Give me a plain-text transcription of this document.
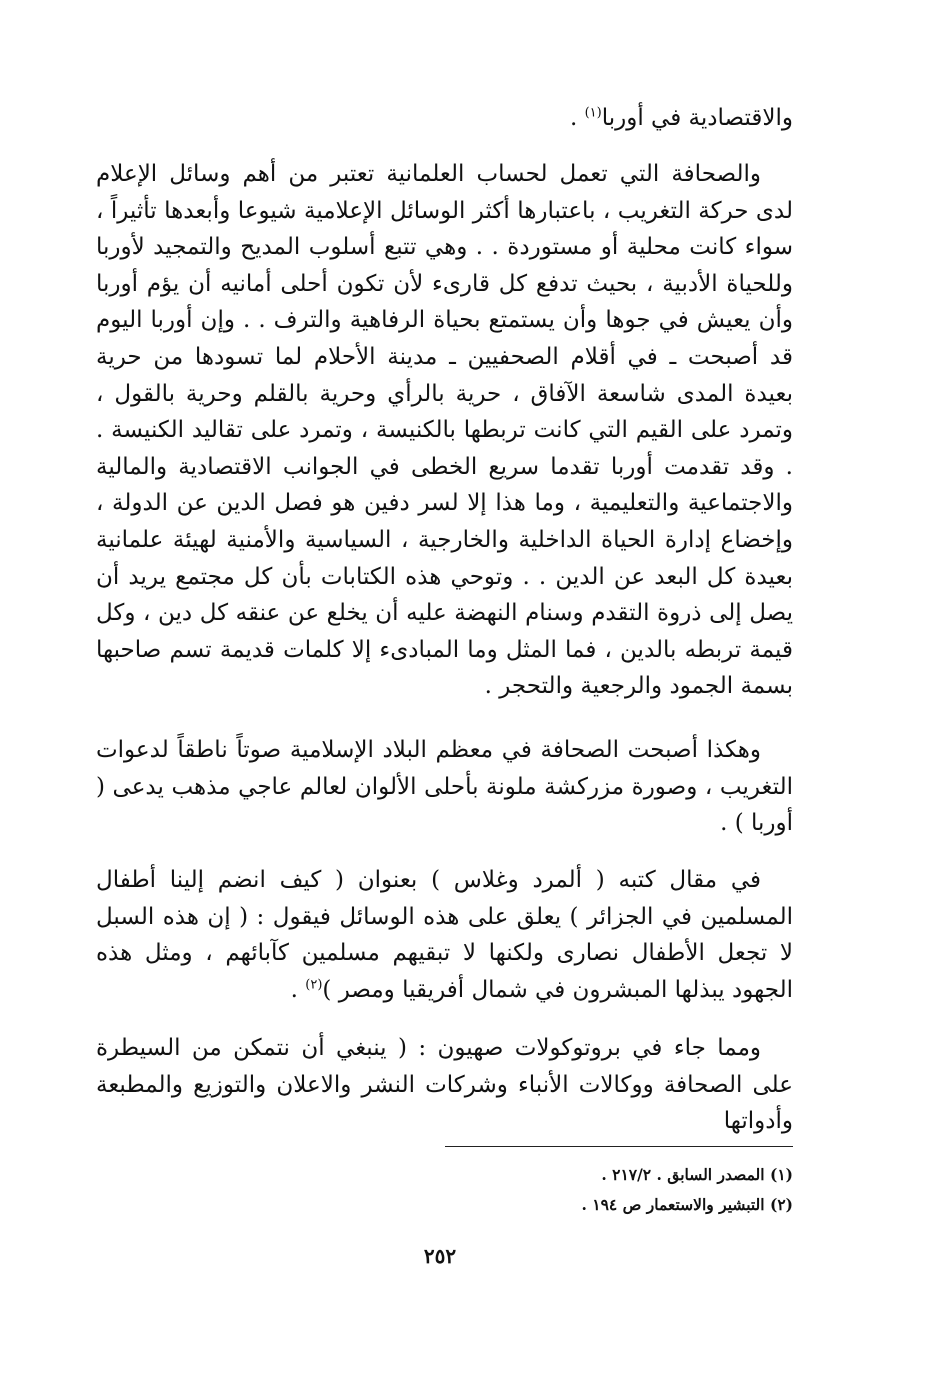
والاقتصادية في أوربا$^{(١)}$ .

والصحافة التي تعمل لحساب العلمانية تعتبر من أهم وسائل الإعلام لدى حركة التغريب ، باعتبارها أكثر الوسائل الإعلامية شيوعا وأبعدها تأثيراً ، سواء كانت محلية أو مستوردة . . وهي تتبع أسلوب المديح والتمجيد لأوربا وللحياة الأدبية ، بحيث تدفع كل قارىء لأن تكون أحلى أمانيه أن يؤم أوربا وأن يعيش في جوها وأن يستمتع بحياة الرفاهية والترف . . وإن أوربا اليوم قد أصبحت ـ في أقلام الصحفيين ـ مدينة الأحلام لما تسودها من حرية بعيدة المدى شاسعة الآفاق ، حرية بالرأي وحرية بالقلم وحرية بالقول ، وتمرد على القيم التي كانت تربطها بالكنيسة ، وتمرد على تقاليد الكنيسة . . وقد تقدمت أوربا تقدما سريع الخطى في الجوانب الاقتصادية والمالية والاجتماعية والتعليمية ، وما هذا إلا لسر دفين هو فصل الدين عن الدولة ، وإخضاع إدارة الحياة الداخلية والخارجية ، السياسية والأمنية لهيئة علمانية بعيدة كل البعد عن الدين . . وتوحي هذه الكتابات بأن كل مجتمع يريد أن يصل إلى ذروة التقدم وسنام النهضة عليه أن يخلع عن عنقه كل دين ، وكل قيمة تربطه بالدين ، فما المثل وما المبادىء إلا كلمات قديمة تسم صاحبها بسمة الجمود والرجعية والتحجر .

وهكذا أصبحت الصحافة في معظم البلاد الإسلامية صوتاً ناطقاً لدعوات التغريب ، وصورة مزركشة ملونة بأحلى الألوان لعالم عاجي مذهب يدعى ( أوربا ) .

في مقال كتبه ( ألمرد وغلاس ) بعنوان ( كيف انضم إلينا أطفال المسلمين في الجزائر ) يعلق على هذه الوسائل فيقول : ( إن هذه السبل لا تجعل الأطفال نصارى ولكنها لا تبقيهم مسلمين كآبائهم ، ومثل هذه الجهود يبذلها المبشرون في شمال أفريقيا ومصر )$^{(٢)}$ .

ومما جاء في بروتوكولات صهيون : ( ينبغي أن نتمكن من السيطرة على الصحافة ووكالات الأنباء وشركات النشر والاعلان والتوزيع والمطبعة وأدواتها

(١) المصدر السابق . ٢١٧/٢ .
(٢) التبشير والاستعمار ص ١٩٤ .
٢٥٢
